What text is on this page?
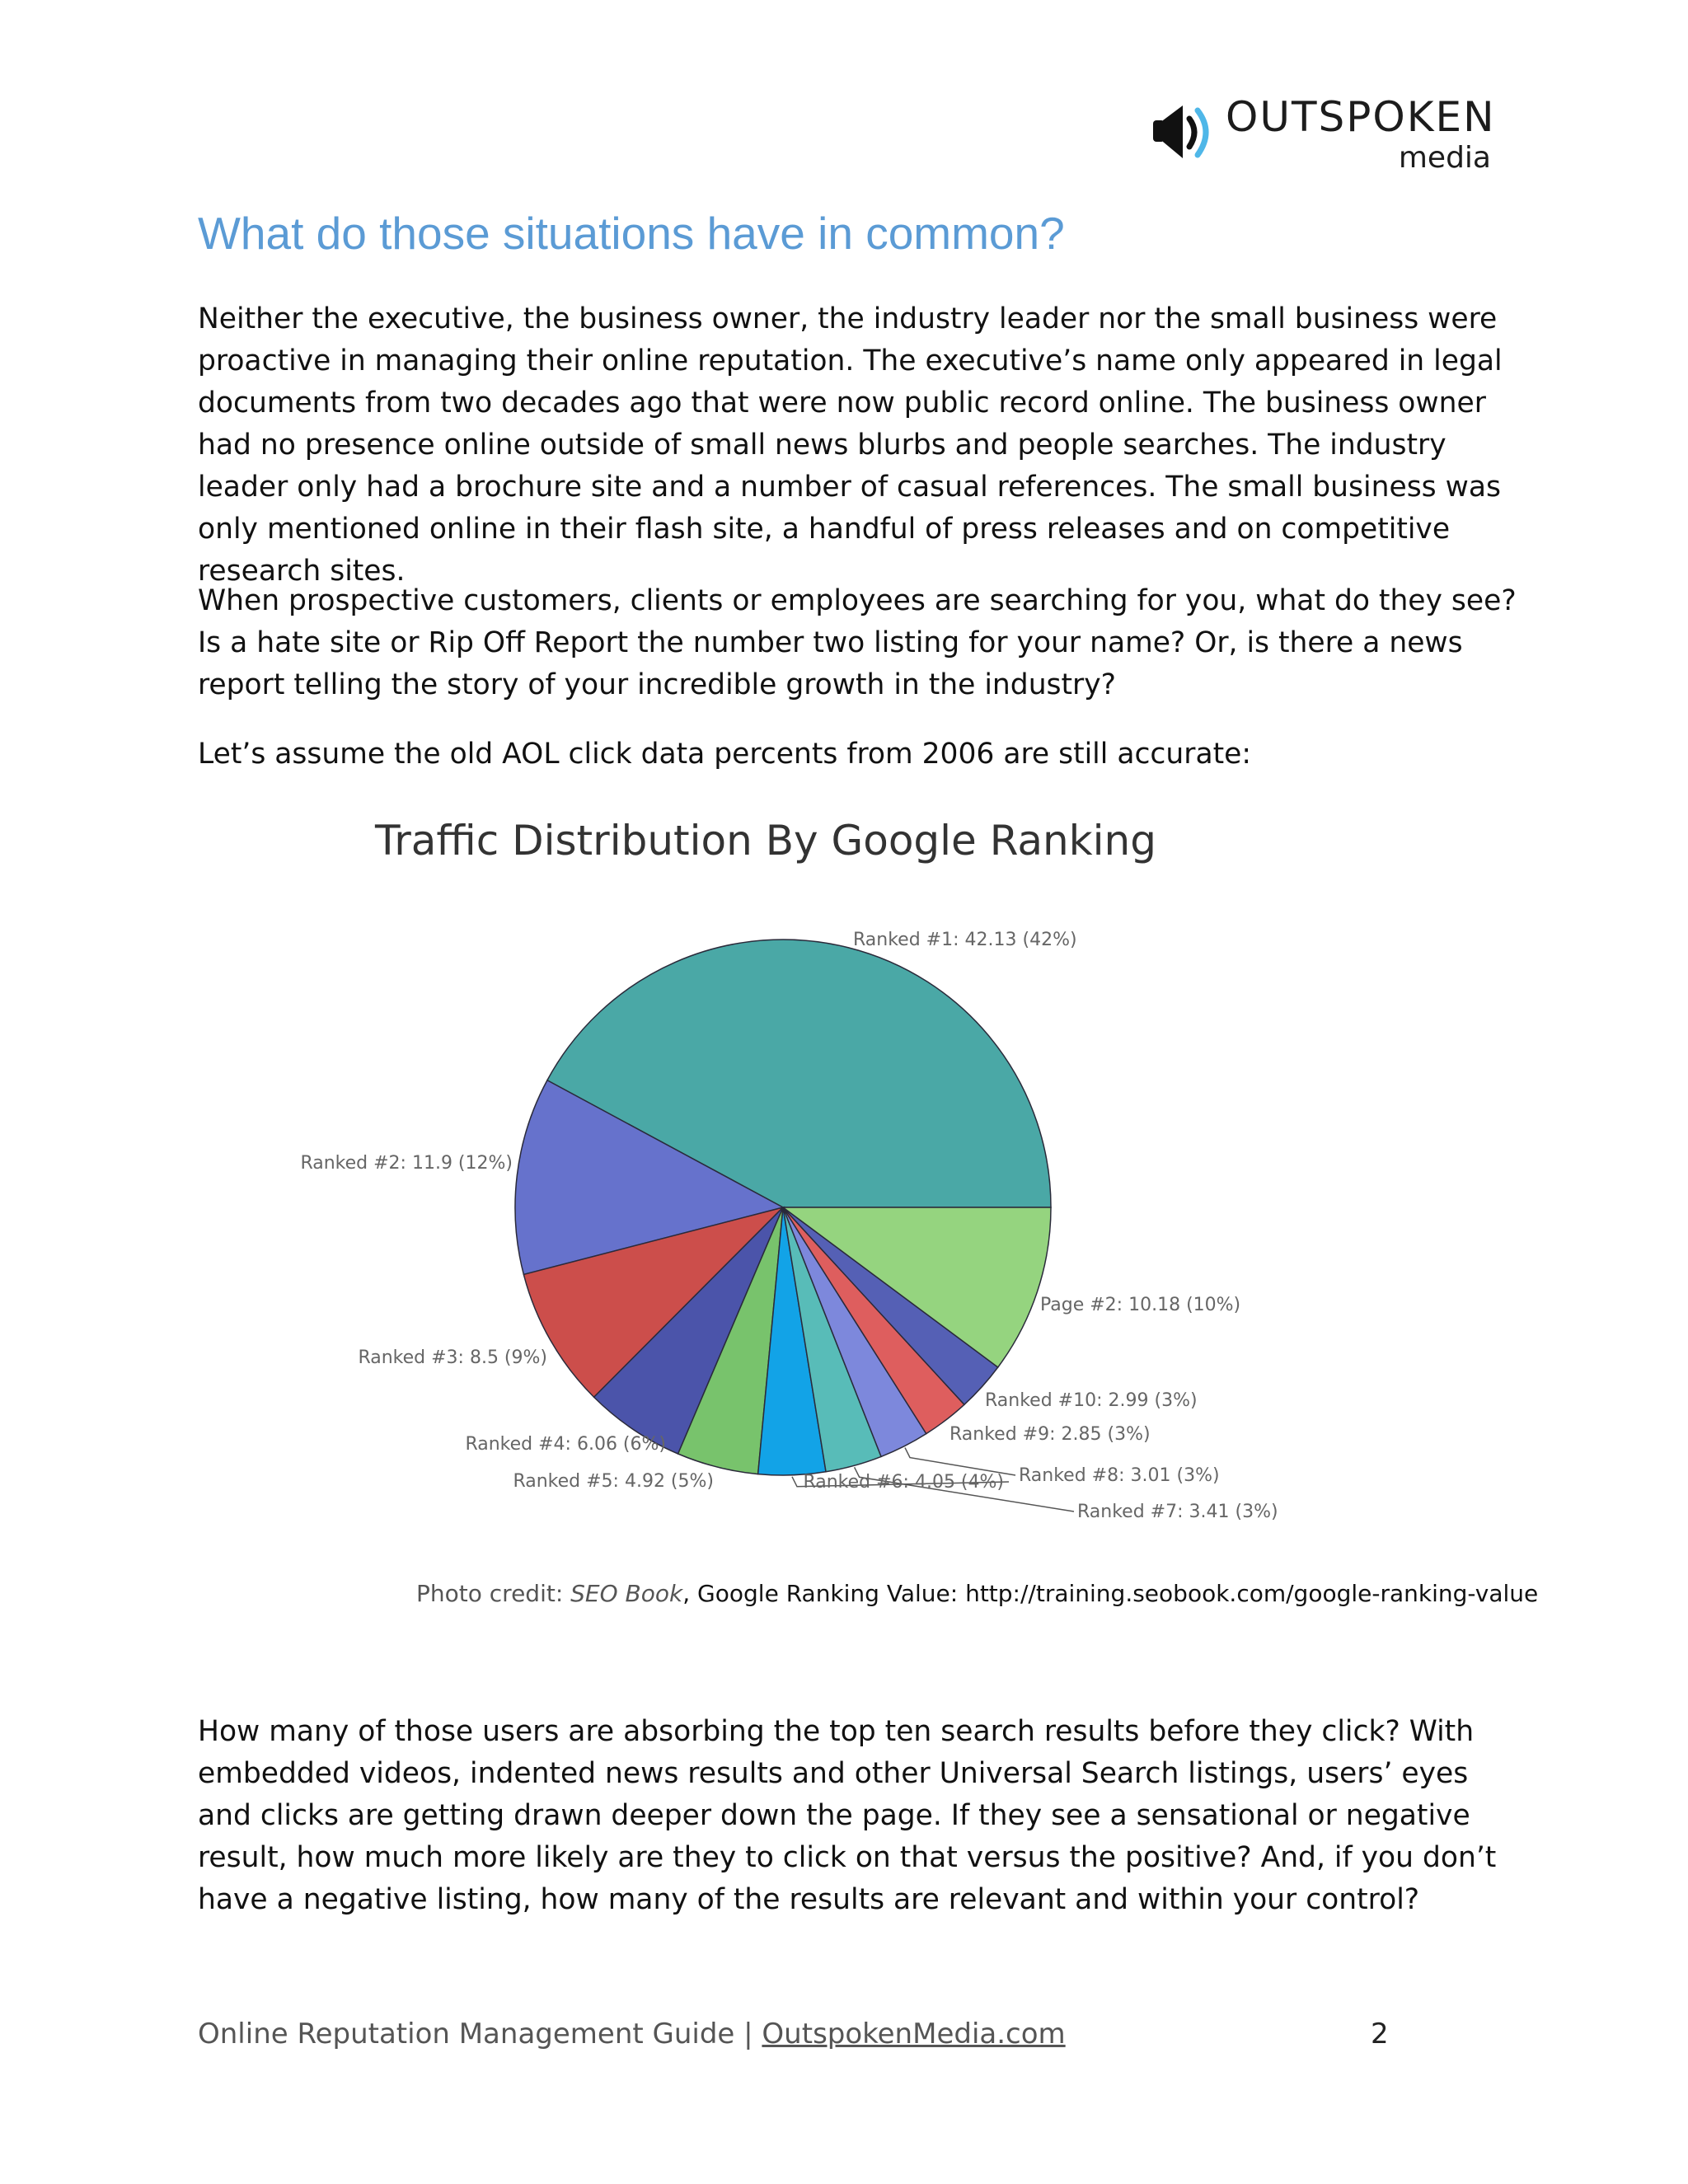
OUTSPOKEN
media
What do those situations have in common?

Neither the executive, the business owner, the industry leader nor the small business were proactive in managing their online reputation. The executive’s name only appeared in legal documents from two decades ago that were now public record online. The business owner had no presence online outside of small news blurbs and people searches. The industry leader only had a brochure site and a number of casual references. The small business was only mentioned online in their flash site, a handful of press releases and on competitive research sites.

When prospective customers, clients or employees are searching for you, what do they see? Is a hate site or Rip Off Report the number two listing for your name? Or, is there a news report telling the story of your incredible growth in the industry?

Let’s assume the old AOL click data percents from 2006 are still accurate:

Traffic Distribution By Google Ranking
Ranked #1: 42.13 (42%)
Ranked #2: 11.9 (12%)
Ranked #3: 8.5 (9%)
Ranked #4: 6.06 (6%)
Ranked #5: 4.92 (5%)	Ranked #6: 4.05 (4%)
Ranked #7: 3.41 (3%)
Ranked #8: 3.01 (3%)
Ranked #9: 2.85 (3%)
Ranked #10: 2.99 (3%)
Page #2: 10.18 (10%)
Photo credit: SEO Book, Google Ranking Value: http://training.seobook.com/google-ranking-value

How many of those users are absorbing the top ten search results before they click? With embedded videos, indented news results and other Universal Search listings, users’ eyes and clicks are getting drawn deeper down the page. If they see a sensational or negative result, how much more likely are they to click on that versus the positive? And, if you don’t have a negative listing, how many of the results are relevant and within your control?

Online Reputation Management Guide | OutspokenMedia.com	2
